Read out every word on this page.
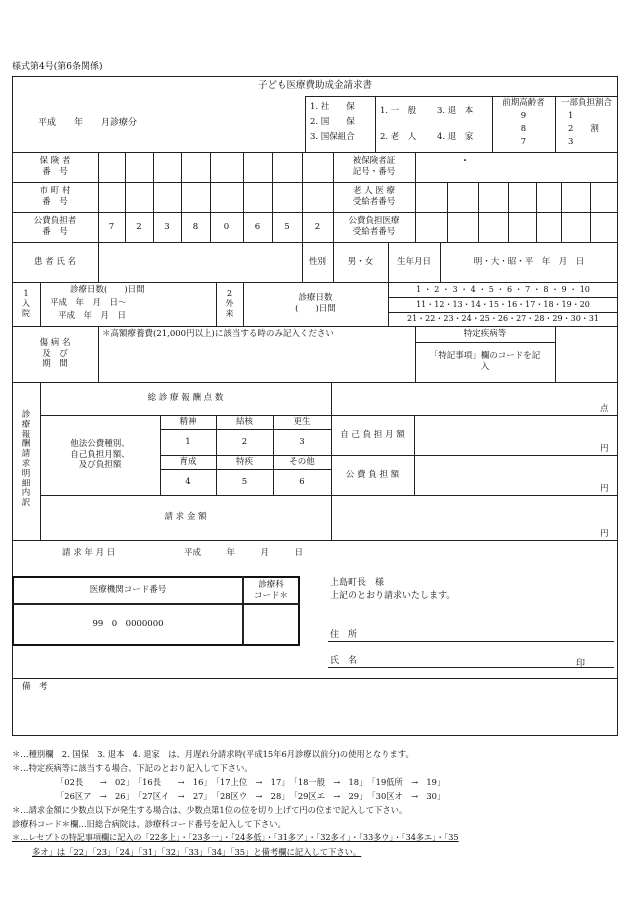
様式第4号(第6条関係)
子ども医療費助成金請求書
平成　　年　　月診療分
1. 社　　保
2. 国　　保
3. 国保組合
1. 一　般 3. 退　本
2. 老　人 4. 退　家
前期高齢者
9
8
7
一部負担割合
1
2　　割
3
保 険 者
番　号
被保険者証
記号・番号
・
市 町 村
番　号
老 人 医 療
受給者番号
公費負担者
番　号
7	2	3	8	0	6	5	2
公費負担医療
受給者番号
患 者 氏 名	性別	男・女	生年月日	明・大・昭・平　年　月　日
1
入
院
診療日数(　　)日間
平成　年　月　日〜
平成　年　月　日
2
外
来
診療日数
(　　)日間
1 ・ 2 ・ 3 ・ 4 ・ 5 ・ 6 ・ 7 ・ 8 ・ 9 ・ 10
11・12・13・14・15・16・17・18・19・20
21・22・23・24・25・26・27・28・29・30・31
傷 病 名
及　び
期　間
＊高額療養費(21,000円以上)に該当する時のみ記入ください	特定疾病等
「特記事項」欄のコードを記
入
診
療
報
酬
請
求
明
細
内
訳
総 診 療 報 酬 点 数
点
他法公費種別、
自己負担月額、
及び負担額
精神	結核	更生
1	2	3
育成	特疾	その他
4	5	6
自 己 負 担 月 額
円
公 費 負 担 額
円
請 求 金 額
円
請 求 年 月 日	平成　　　年　　　月　　　日
医療機関コード番号
診療科
コード＊
99　0　0000000
上島町長　様
上記のとおり請求いたします。
住　所
氏　名	印
備　考
＊…種別欄　2. 国保　3. 退本　4. 退家　は、月遅れ分請求時(平成15年6月診療以前分)の使用となります。
＊…特定疾病等に該当する場合、下記のとおり記入して下さい。
「02長　　→　02」　「16長　　→　16」　「17上位　→　17」　「18一般　→　18」　「19低所　→　19」
「26区ア　→　26」　「27区イ　→　27」　「28区ウ　→　28」　「29区エ　→　29」　「30区オ　→　30」
＊…請求金額に少数点以下が発生する場合は、少数点第1位の位を切り上げて円の位まで記入して下さい。
診療科コード＊欄…旧総合病院は、診療科コード番号を記入して下さい。
＊…レセプトの特記事項欄に記入の「22多上」・「23多一」・「24多低」・「31多ア」・「32多イ」・「33多ウ」・「34多エ」・「35
多オ」は「22」「23」「24」「31」「32」「33」「34」「35」と備考欄に記入して下さい。
